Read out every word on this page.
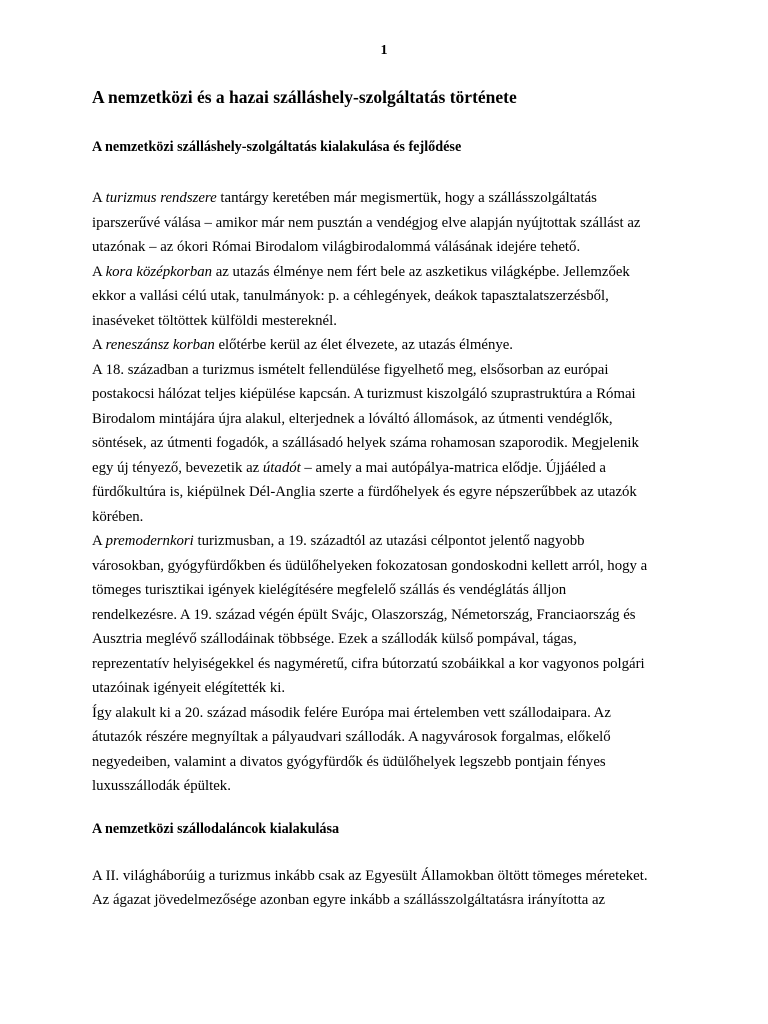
1
A nemzetközi és a hazai szálláshely-szolgáltatás története
A nemzetközi szálláshely-szolgáltatás kialakulása és fejlődése
A turizmus rendszere tantárgy keretében már megismertük, hogy a szállásszolgáltatás
iparszerűvé válása – amikor már nem pusztán a vendégjog elve alapján nyújtottak szállást az
utazónak – az ókori Római Birodalom világbirodalommá válásának idejére tehető.
A kora középkorban az utazás élménye nem fért bele az aszketikus világképbe. Jellemzőek
ekkor a vallási célú utak, tanulmányok: p. a céhlegények, deákok tapasztalatszerzésből,
inaséveket töltöttek külföldi mestereknél.
A reneszánsz korban előtérbe kerül az élet élvezete, az utazás élménye.
A 18. században a turizmus ismételt fellendülése figyelhető meg, elsősorban az európai
postakocsi hálózat teljes kiépülése kapcsán. A turizmust kiszolgáló szuprastruktúra a Római
Birodalom mintájára újra alakul, elterjednek a lóváltó állomások, az útmenti vendéglők,
söntések, az útmenti fogadók, a szállásadó helyek száma rohamosan szaporodik. Megjelenik
egy új tényező, bevezetik az útadót – amely a mai autópálya-matrica elődje. Újjáéled a
fürdőkultúra is, kiépülnek Dél-Anglia szerte a fürdőhelyek és egyre népszerűbbek az utazók
körében.
A premodernkori turizmusban, a 19. századtól az utazási célpontot jelentő nagyobb
városokban, gyógyfürdőkben és üdülőhelyeken fokozatosan gondoskodni kellett arról, hogy a
tömeges turisztikai igények kielégítésére megfelelő szállás és vendéglátás álljon
rendelkezésre. A 19. század végén épült Svájc, Olaszország, Németország, Franciaország és
Ausztria meglévő szállodáinak többsége. Ezek a szállodák külső pompával, tágas,
reprezentatív helyiségekkel és nagyméretű, cifra bútorzatú szobáikkal a kor vagyonos polgári
utazóinak igényeit elégítették ki.
Így alakult ki a 20. század második felére Európa mai értelemben vett szállodaipara. Az
átutazók részére megnyíltak a pályaudvari szállodák. A nagyvárosok forgalmas, előkelő
negyedeiben, valamint a divatos gyógyfürdők és üdülőhelyek legszebb pontjain fényes
luxusszállodák épültek.
A nemzetközi szállodaláncok kialakulása
A II. világháborúig a turizmus inkább csak az Egyesült Államokban öltött tömeges méreteket.
Az ágazat jövedelmezősége azonban egyre inkább a szállásszolgáltatásra irányította az
